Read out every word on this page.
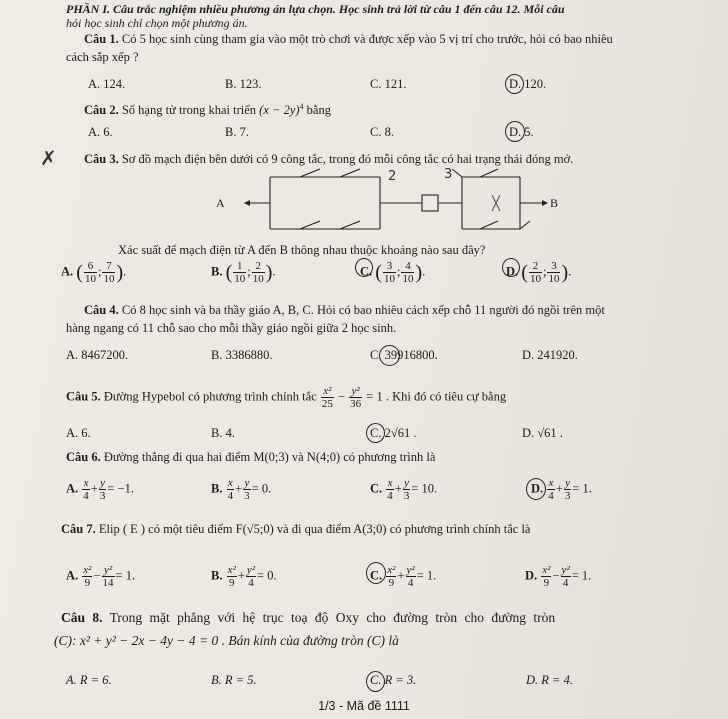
PHẦN I. Câu trắc nghiệm nhiều phương án lựa chọn. Học sinh trả lời từ câu 1 đến câu 12. Mỗi câu
hỏi học sinh chỉ chọn một phương án.
Câu 1. Có 5 học sinh cùng tham gia vào một trò chơi và được xếp vào 5 vị trí cho trước, hỏi có bao nhiêu
cách sắp xếp ?
A. 124.	B. 123.	C. 121.	D. 120.
Câu 2. Số hạng tử trong khai triển $(x - 2y)^4$ bằng
A. 6.	B. 7.	C. 8.	D. 5.
✗ Câu 3. Sơ đồ mạch điện bên dưới có 9 công tắc, trong đó mỗi công tắc có hai trạng thái đóng mở.
A	B
2	3
Xác suất để mạch điện từ A đến B thông nhau thuộc khoảng nào sau đây?
A. ( $\frac{6}{10}$ ; $\frac{7}{10}$ ).	B. ( $\frac{1}{10}$ ; $\frac{2}{10}$ ).	C. ( $\frac{3}{10}$ ; $\frac{4}{10}$ ).	D. ( $\frac{2}{10}$ ; $\frac{3}{10}$ ).
Câu 4. Có 8 học sinh và ba thầy giáo A, B, C. Hỏi có bao nhiêu cách xếp chỗ 11 người đó ngồi trên một
hàng ngang có 11 chỗ sao cho mỗi thầy giáo ngồi giữa 2 học sinh.
A. 8467200.	B. 3386880.	C. 39916800.	D. 241920.
Câu 5. Đường Hypebol có phương trình chính tắc $\frac{\text{x²}}{25} - \frac{\text{y²}}{36} = 1$ . Khi đó có tiêu cự bằng
A. 6.	B. 4.	C. 2√61 .	D. √61 .
Câu 6. Đường thẳng đi qua hai điểm M(0;3) và N(4;0) có phương trình là
A. $\frac{x}{4} + \frac{y}{3} = -1$.	B. $\frac{x}{4} + \frac{y}{3} = 0$.	C. $\frac{x}{4} + \frac{y}{3} = 10$.	D. $\frac{x}{4} + \frac{y}{3} = 1$.
Câu 7. Elip ( E ) có một tiêu điểm F(√5;0) và đi qua điểm A(3;0) có phương trình chính tắc là
A. $\frac{\text{x²}}{9} - \frac{\text{y²}}{14} = 1$.	B. $\frac{\text{x²}}{9} + \frac{\text{y²}}{4} = 0$.	C. $\frac{\text{x²}}{9} + \frac{\text{y²}}{4} = 1$.	D. $\frac{\text{x²}}{9} - \frac{\text{y²}}{4} = 1$.
Câu 8. Trong mặt phẳng với hệ trục toạ độ Oxy cho đường tròn cho đường tròn
(C): x² + y² − 2x − 4y − 4 = 0 . Bán kính của đường tròn (C) là
A. R = 6.	B. R = 5.	C. R = 3.	D. R = 4.
1/3 - Mã đề 1111
